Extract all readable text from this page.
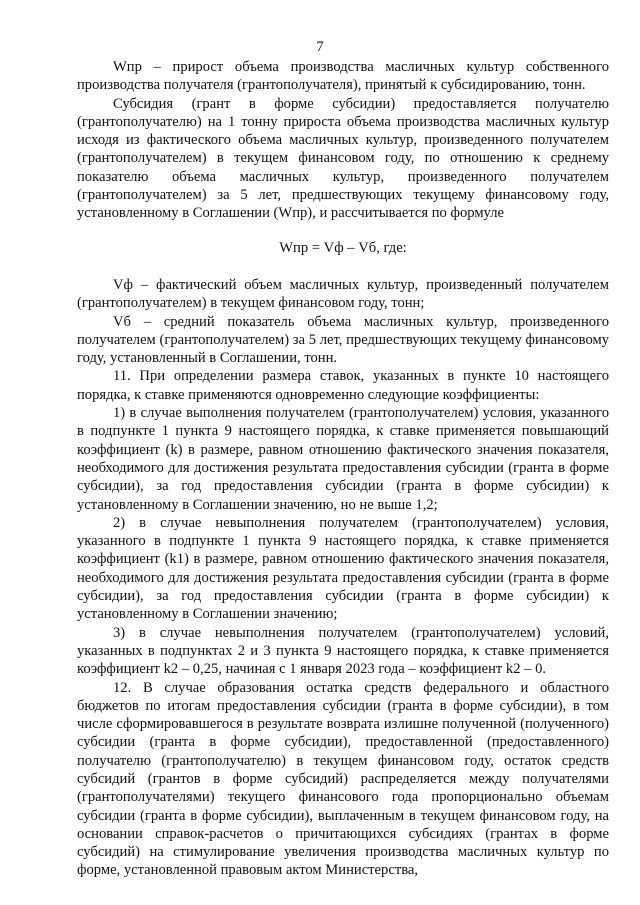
7

Wпр – прирост объема производства масличных культур собственного производства получателя (грантополучателя), принятый к субсидированию, тонн.

Субсидия (грант в форме субсидии) предоставляется получателю (грантополучателю) на 1 тонну прироста объема производства масличных культур исходя из фактического объема масличных культур, произведенного получателем (грантополучателем) в текущем финансовом году, по отношению к среднему показателю объема масличных культур, произведенного получателем (грантополучателем) за 5 лет, предшествующих текущему финансовому году, установленному в Соглашении (Wпр), и рассчитывается по формуле

Wпр = Vф – Vб, где:

Vф – фактический объем масличных культур, произведенный получателем (грантополучателем) в текущем финансовом году, тонн;

Vб – средний показатель объема масличных культур, произведенного получателем (грантополучателем) за 5 лет, предшествующих текущему финансовому году, установленный в Соглашении, тонн.

11. При определении размера ставок, указанных в пункте 10 настоящего порядка, к ставке применяются одновременно следующие коэффициенты:

1) в случае выполнения получателем (грантополучателем) условия, указанного в подпункте 1 пункта 9 настоящего порядка, к ставке применяется повышающий коэффициент (k) в размере, равном отношению фактического значения показателя, необходимого для достижения результата предоставления субсидии (гранта в форме субсидии), за год предоставления субсидии (гранта в форме субсидии) к установленному в Соглашении значению, но не выше 1,2;

2) в случае невыполнения получателем (грантополучателем) условия, указанного в подпункте 1 пункта 9 настоящего порядка, к ставке применяется коэффициент (k1) в размере, равном отношению фактического значения показателя, необходимого для достижения результата предоставления субсидии (гранта в форме субсидии), за год предоставления субсидии (гранта в форме субсидии) к установленному в Соглашении значению;

3) в случае невыполнения получателем (грантополучателем) условий, указанных в подпунктах 2 и 3 пункта 9 настоящего порядка, к ставке применяется коэффициент k2 – 0,25, начиная с 1 января 2023 года – коэффициент k2 – 0.

12. В случае образования остатка средств федерального и областного бюджетов по итогам предоставления субсидии (гранта в форме субсидии), в том числе сформировавшегося в результате возврата излишне полученной (полученного) субсидии (гранта в форме субсидии), предоставленной (предоставленного) получателю (грантополучателю) в текущем финансовом году, остаток средств субсидий (грантов в форме субсидий) распределяется между получателями (грантополучателями) текущего финансового года пропорционально объемам субсидии (гранта в форме субсидии), выплаченным в текущем финансовом году, на основании справок-расчетов о причитающихся субсидиях (грантах в форме субсидий) на стимулирование увеличения производства масличных культур по форме, установленной правовым актом Министерства,
